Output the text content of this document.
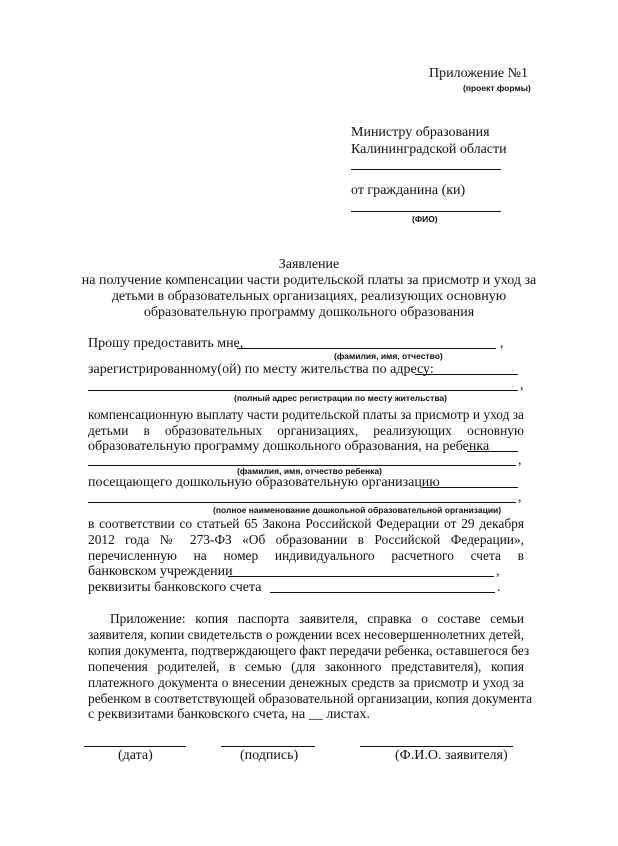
Приложение №1
(проект формы)
Министру образования
Калининградской области
от гражданина (ки)
(ФИО)
Заявление
на получение компенсации части родительской платы за присмотр и уход за
детьми в образовательных организациях, реализующих основную
образовательную программу дошкольного образования
Прошу предоставить мне,	,
(фамилия, имя, отчество)
зарегистрированному(ой) по месту жительства по адресу:
,
(полный адрес регистрации по месту жительства)
компенсационную выплату части родительской платы за присмотр и уход за
детьми в образовательных организациях, реализующих основную
образовательную программу дошкольного образования, на ребенка
,
(фамилия, имя, отчество ребенка)
посещающего дошкольную образовательную организацию
,
(полное наименование дошкольной образовательной организации)
в соответствии со статьей 65 Закона Российской Федерации от 29 декабря
2012 года № 273-ФЗ «Об образовании в Российской Федерации»,
перечисленную на номер индивидуального расчетного счета в
банковском учреждении	,
реквизиты банковского счета	.
Приложение: копия паспорта заявителя, справка о составе семьи
заявителя, копии свидетельств о рождении всех несовершеннолетних детей,
копия документа, подтверждающего факт передачи ребенка, оставшегося без
попечения родителей, в семью (для законного представителя), копия
платежного документа о внесении денежных средств за присмотр и уход за
ребенком в соответствующей образовательной организации, копия документа
с реквизитами банковского счета, на __ листах.
(дата)	(подпись)	(Ф.И.О. заявителя)
